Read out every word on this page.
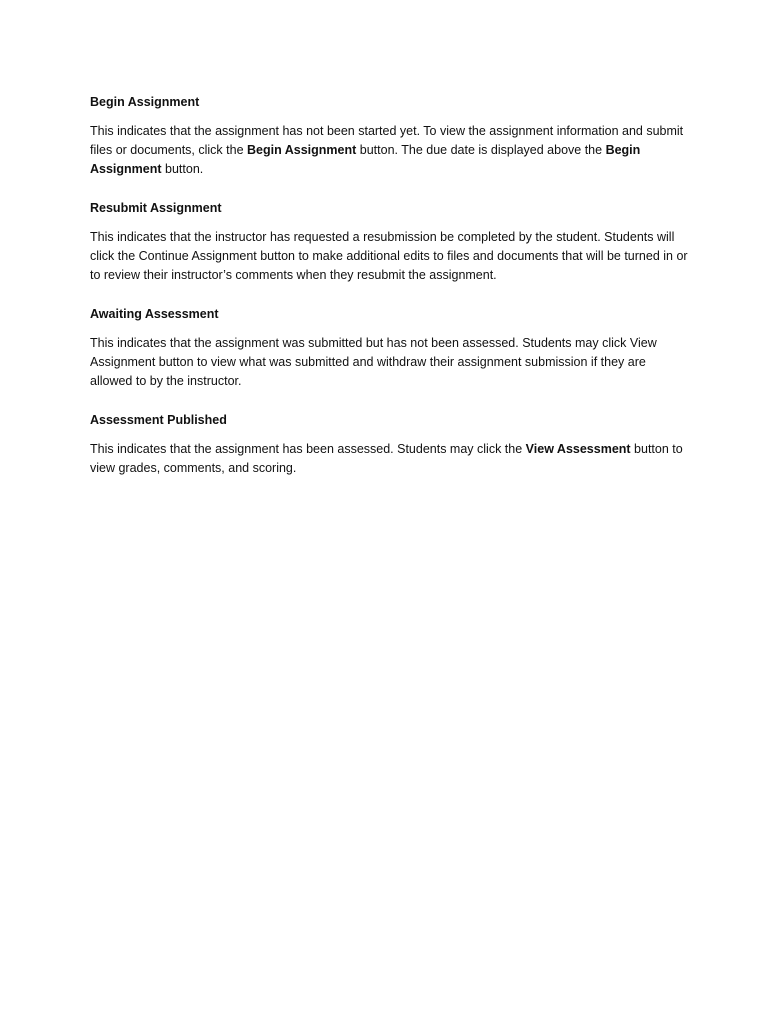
Begin Assignment

This indicates that the assignment has not been started yet. To view the assignment information and submit files or documents, click the Begin Assignment button. The due date is displayed above the Begin Assignment button.

Resubmit Assignment

This indicates that the instructor has requested a resubmission be completed by the student. Students will click the Continue Assignment button to make additional edits to files and documents that will be turned in or to review their instructor’s comments when they resubmit the assignment.

Awaiting Assessment

This indicates that the assignment was submitted but has not been assessed. Students may click View Assignment button to view what was submitted and withdraw their assignment submission if they are allowed to by the instructor.

Assessment Published

This indicates that the assignment has been assessed. Students may click the View Assessment button to view grades, comments, and scoring.
